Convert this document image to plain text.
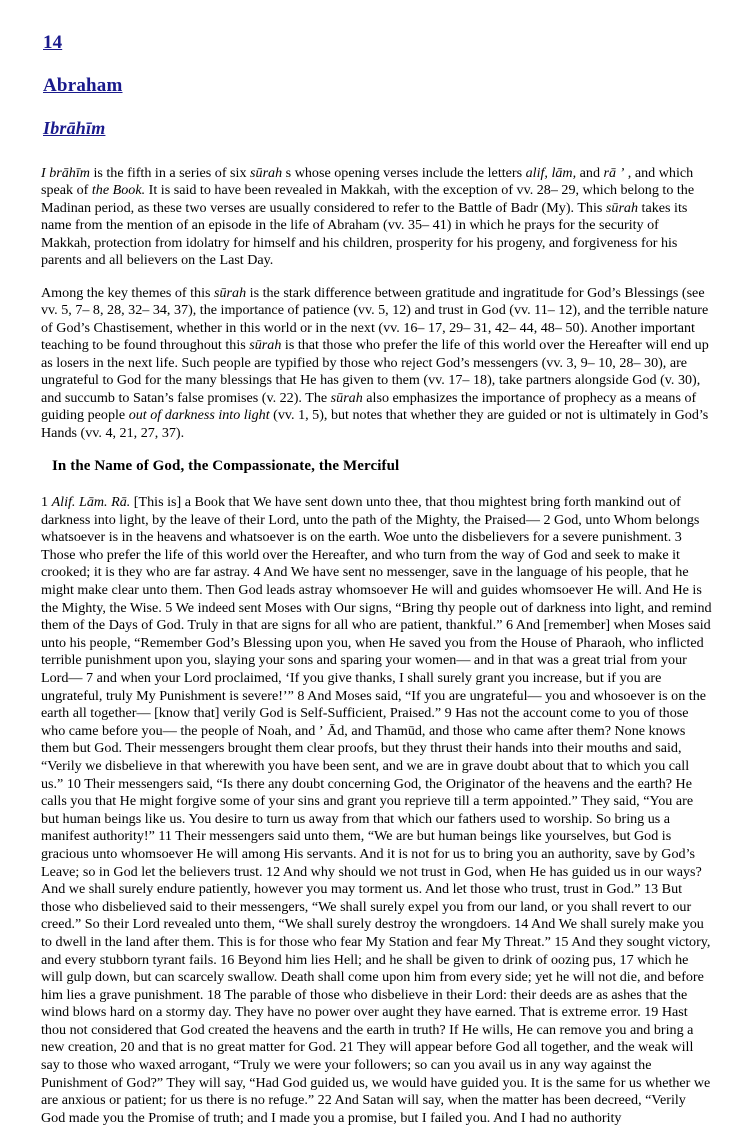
14
Abraham
Ibrāhīm

I brāhīm is the fifth in a series of six sūrah s whose opening verses include the letters alif, lām, and rā ʼ , and which speak of the Book. It is said to have been revealed in Makkah, with the exception of vv. 28– 29, which belong to the Madinan period, as these two verses are usually considered to refer to the Battle of Badr (My). This sūrah takes its name from the mention of an episode in the life of Abraham (vv. 35– 41) in which he prays for the security of Makkah, protection from idolatry for himself and his children, prosperity for his progeny, and forgiveness for his parents and all believers on the Last Day.

Among the key themes of this sūrah is the stark difference between gratitude and ingratitude for God’s Blessings (see vv. 5, 7– 8, 28, 32– 34, 37), the importance of patience (vv. 5, 12) and trust in God (vv. 11– 12), and the terrible nature of God’s Chastisement, whether in this world or in the next (vv. 16– 17, 29– 31, 42– 44, 48– 50). Another important teaching to be found throughout this sūrah is that those who prefer the life of this world over the Hereafter will end up as losers in the next life. Such people are typified by those who reject God’s messengers (vv. 3, 9– 10, 28– 30), are ungrateful to God for the many blessings that He has given to them (vv. 17– 18), take partners alongside God (v. 30), and succumb to Satan’s false promises (v. 22). The sūrah also emphasizes the importance of prophecy as a means of guiding people out of darkness into light (vv. 1, 5), but notes that whether they are guided or not is ultimately in God’s Hands (vv. 4, 21, 27, 37).

In the Name of God, the Compassionate, the Merciful

1 Alif. Lām. Rā. [This is] a Book that We have sent down unto thee, that thou mightest bring forth mankind out of darkness into light, by the leave of their Lord, unto the path of the Mighty, the Praised— 2 God, unto Whom belongs whatsoever is in the heavens and whatsoever is on the earth. Woe unto the disbelievers for a severe punishment. 3 Those who prefer the life of this world over the Hereafter, and who turn from the way of God and seek to make it crooked; it is they who are far astray. 4 And We have sent no messenger, save in the language of his people, that he might make clear unto them. Then God leads astray whomsoever He will and guides whomsoever He will. And He is the Mighty, the Wise. 5 We indeed sent Moses with Our signs, “Bring thy people out of darkness into light, and remind them of the Days of God. Truly in that are signs for all who are patient, thankful.” 6 And [remember] when Moses said unto his people, “Remember God’s Blessing upon you, when He saved you from the House of Pharaoh, who inflicted terrible punishment upon you, slaying your sons and sparing your women— and in that was a great trial from your Lord— 7 and when your Lord proclaimed, ‘If you give thanks, I shall surely grant you increase, but if you are ungrateful, truly My Punishment is severe!’” 8 And Moses said, “If you are ungrateful— you and whosoever is on the earth all together— [know that] verily God is Self-Sufficient, Praised.” 9 Has not the account come to you of those who came before you— the people of Noah, and ʼ Ād, and Thamūd, and those who came after them? None knows them but God. Their messengers brought them clear proofs, but they thrust their hands into their mouths and said, “Verily we disbelieve in that wherewith you have been sent, and we are in grave doubt about that to which you call us.” 10 Their messengers said, “Is there any doubt concerning God, the Originator of the heavens and the earth? He calls you that He might forgive some of your sins and grant you reprieve till a term appointed.” They said, “You are but human beings like us. You desire to turn us away from that which our fathers used to worship. So bring us a manifest authority!” 11 Their messengers said unto them, “We are but human beings like yourselves, but God is gracious unto whomsoever He will among His servants. And it is not for us to bring you an authority, save by God’s Leave; so in God let the believers trust. 12 And why should we not trust in God, when He has guided us in our ways? And we shall surely endure patiently, however you may torment us. And let those who trust, trust in God.” 13 But those who disbelieved said to their messengers, “We shall surely expel you from our land, or you shall revert to our creed.” So their Lord revealed unto them, “We shall surely destroy the wrongdoers. 14 And We shall surely make you to dwell in the land after them. This is for those who fear My Station and fear My Threat.” 15 And they sought victory, and every stubborn tyrant fails. 16 Beyond him lies Hell; and he shall be given to drink of oozing pus, 17 which he will gulp down, but can scarcely swallow. Death shall come upon him from every side; yet he will not die, and before him lies a grave punishment. 18 The parable of those who disbelieve in their Lord: their deeds are as ashes that the wind blows hard on a stormy day. They have no power over aught they have earned. That is extreme error. 19 Hast thou not considered that God created the heavens and the earth in truth? If He wills, He can remove you and bring a new creation, 20 and that is no great matter for God. 21 They will appear before God all together, and the weak will say to those who waxed arrogant, “Truly we were your followers; so can you avail us in any way against the Punishment of God?” They will say, “Had God guided us, we would have guided you. It is the same for us whether we are anxious or patient; for us there is no refuge.” 22 And Satan will say, when the matter has been decreed, “Verily God made you the Promise of truth; and I made you a promise, but I failed you. And I had no authority
